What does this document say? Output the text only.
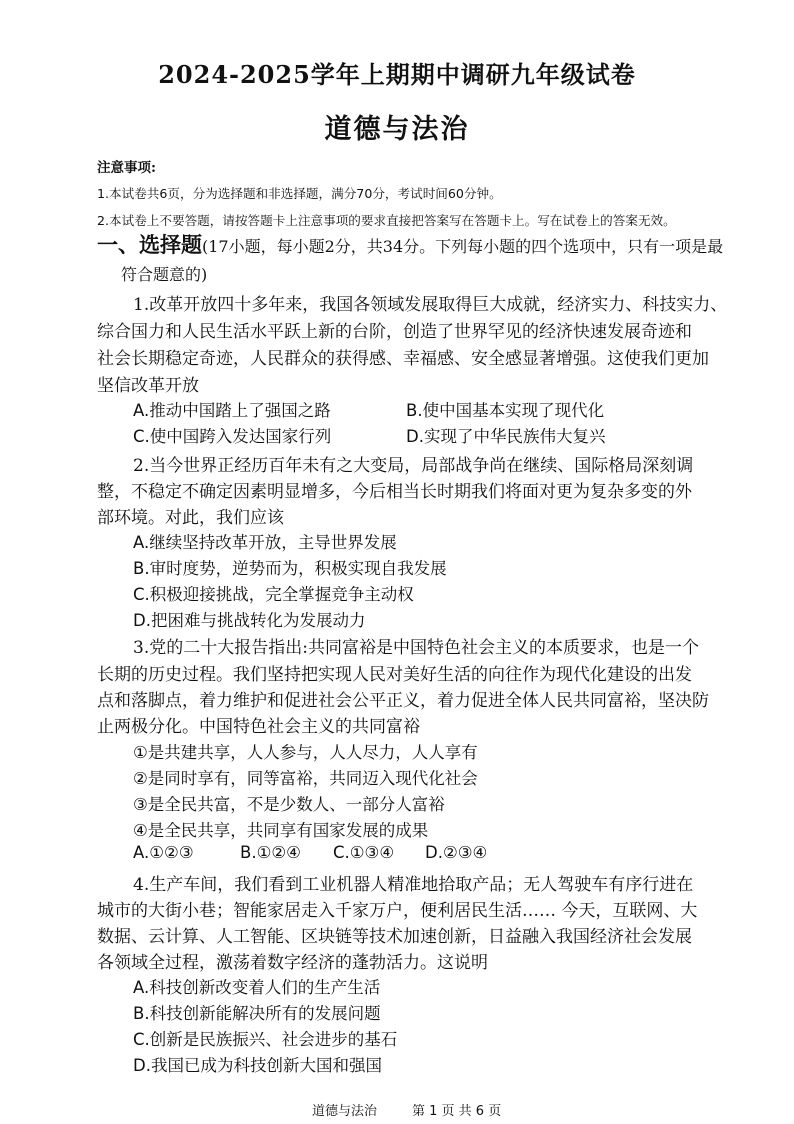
2024-2025学年上期期中调研九年级试卷
道德与法治
注意事项:
1.本试卷共6页，分为选择题和非选择题，满分70分，考试时间60分钟。
2.本试卷上不要答题，请按答题卡上注意事项的要求直接把答案写在答题卡上。写在试卷上的答案无效。
一、选择题(17小题，每小题2分，共34分。下列每小题的四个选项中，只有一项是最
符合题意的)
1.改革开放四十多年来，我国各领域发展取得巨大成就，经济实力、科技实力、
综合国力和人民生活水平跃上新的台阶，创造了世界罕见的经济快速发展奇迹和
社会长期稳定奇迹，人民群众的获得感、幸福感、安全感显著增强。这使我们更加
坚信改革开放
A.推动中国踏上了强国之路	B.使中国基本实现了现代化
C.使中国跨入发达国家行列	D.实现了中华民族伟大复兴
2.当今世界正经历百年未有之大变局，局部战争尚在继续、国际格局深刻调
整，不稳定不确定因素明显增多，今后相当长时期我们将面对更为复杂多变的外
部环境。对此，我们应该
A.继续坚持改革开放，主导世界发展
B.审时度势，逆势而为，积极实现自我发展
C.积极迎接挑战，完全掌握竞争主动权
D.把困难与挑战转化为发展动力
3.党的二十大报告指出:共同富裕是中国特色社会主义的本质要求，也是一个
长期的历史过程。我们坚持把实现人民对美好生活的向往作为现代化建设的出发
点和落脚点，着力维护和促进社会公平正义，着力促进全体人民共同富裕，坚决防
止两极分化。中国特色社会主义的共同富裕
①是共建共享，人人参与，人人尽力，人人享有
②是同时享有，同等富裕，共同迈入现代化社会
③是全民共富，不是少数人、一部分人富裕
④是全民共享，共同享有国家发展的成果
A.①②③	B.①②④ C.①③④ D.②③④
4.生产车间，我们看到工业机器人精准地拾取产品；无人驾驶车有序行进在
城市的大街小巷；智能家居走入千家万户，便利居民生活…… 今天，互联网、大
数据、云计算、人工智能、区块链等技术加速创新，日益融入我国经济社会发展
各领域全过程，激荡着数字经济的蓬勃活力。这说明
A.科技创新改变着人们的生产生活
B.科技创新能解决所有的发展问题
C.创新是民族振兴、社会进步的基石
D.我国已成为科技创新大国和强国
道德与法治	第 1 页 共 6 页
